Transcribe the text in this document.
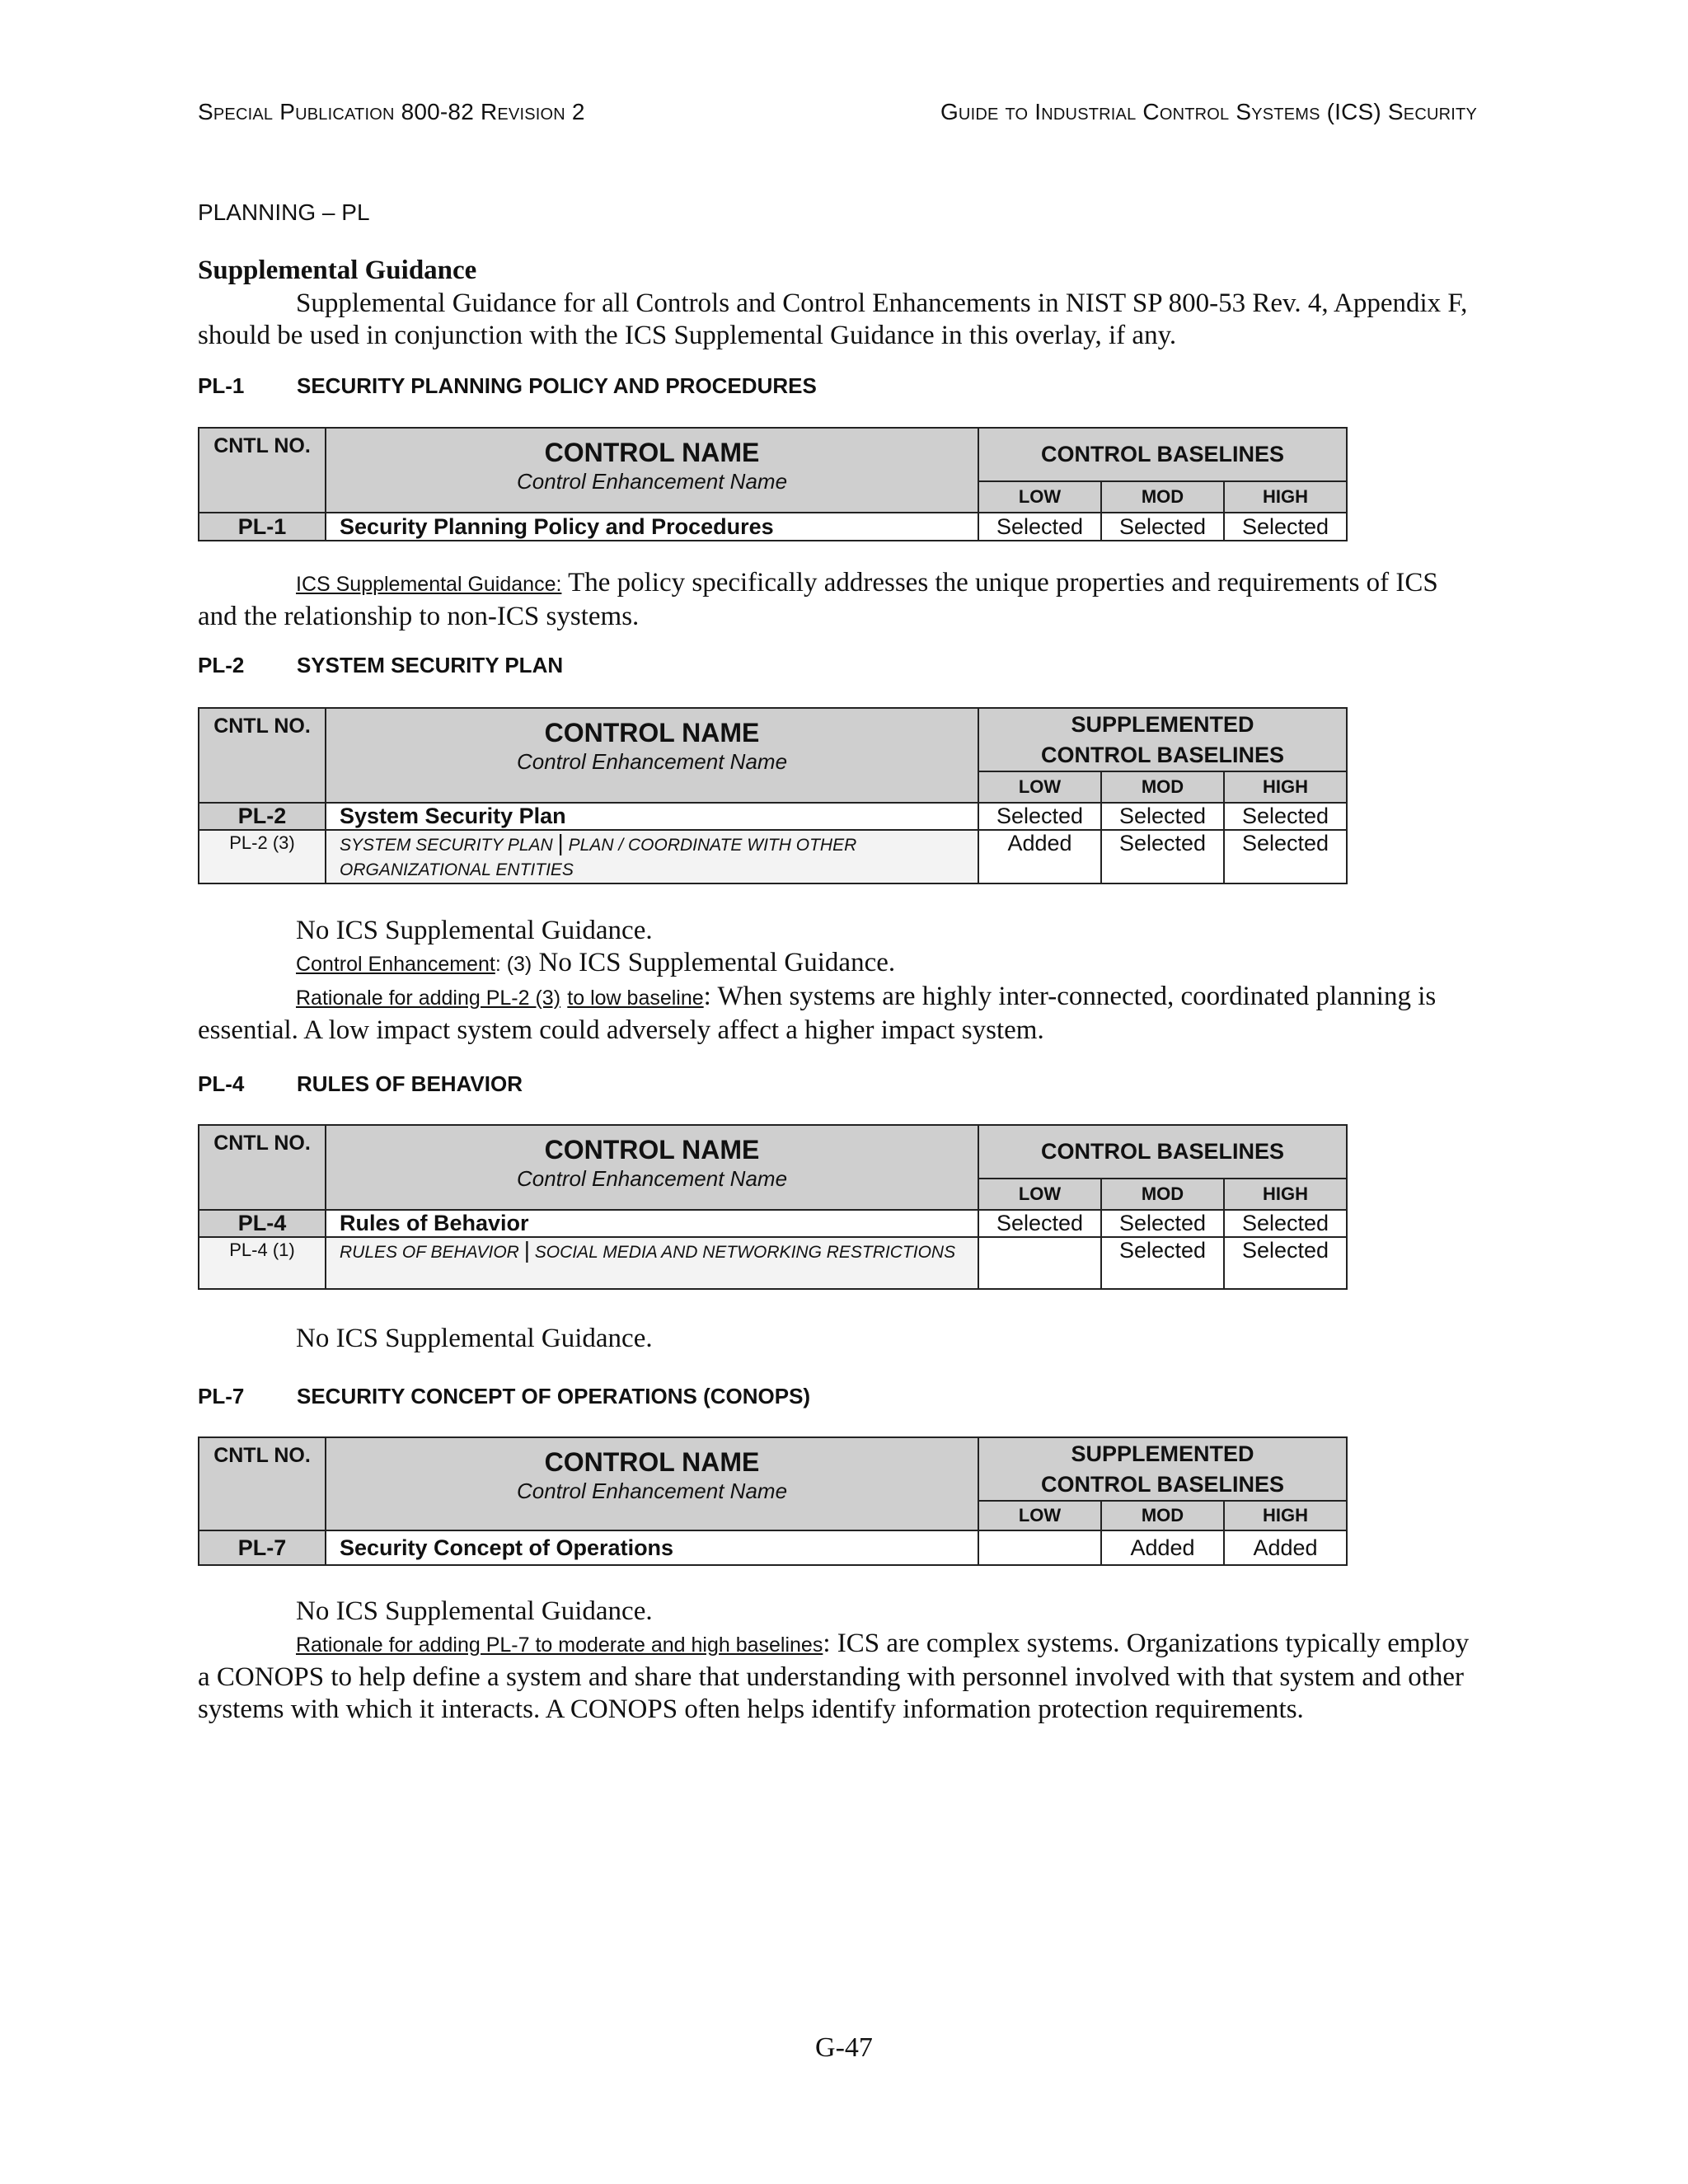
Special Publication 800-82 Revision 2	Guide to Industrial Control Systems (ICS) Security
PLANNING – PL

Supplemental Guidance

Supplemental Guidance for all Controls and Control Enhancements in NIST SP 800-53 Rev. 4, Appendix F, should be used in conjunction with the ICS Supplemental Guidance in this overlay, if any.

PL-1	SECURITY PLANNING POLICY AND PROCEDURES
CNTL NO.	CONTROL NAME
Control Enhancement Name	CONTROL BASELINES		
		LOW	MOD	HIGH
PL-1	Security Planning Policy and Procedures	Selected	Selected	Selected

ICS Supplemental Guidance: The policy specifically addresses the unique properties and requirements of ICS and the relationship to non-ICS systems.

PL-2	SYSTEM SECURITY PLAN
CNTL NO.	CONTROL NAME
Control Enhancement Name	SUPPLEMENTED
CONTROL BASELINES		

		LOW	MOD	HIGH
PL-2	System Security Plan	Selected	Selected	Selected
PL-2 (3)	SYSTEM SECURITY PLAN | PLAN / COORDINATE WITH OTHER ORGANIZATIONAL ENTITIES	Added	Selected	Selected

No ICS Supplemental Guidance.

Control Enhancement: (3) No ICS Supplemental Guidance.

Rationale for adding PL-2 (3) to low baseline: When systems are highly inter-connected, coordinated planning is essential. A low impact system could adversely affect a higher impact system.

PL-4	RULES OF BEHAVIOR
CNTL NO.	CONTROL NAME
Control Enhancement Name	CONTROL BASELINES		
		LOW	MOD	HIGH
PL-4	Rules of Behavior	Selected	Selected	Selected
PL-4 (1)	RULES OF BEHAVIOR | SOCIAL MEDIA AND NETWORKING RESTRICTIONS		Selected	Selected

No ICS Supplemental Guidance.

PL-7	SECURITY CONCEPT OF OPERATIONS (CONOPS)
CNTL NO.	CONTROL NAME
Control Enhancement Name	SUPPLEMENTED
CONTROL BASELINES		

		LOW	MOD	HIGH
PL-7	Security Concept of Operations		Added	Added

No ICS Supplemental Guidance.

Rationale for adding PL-7 to moderate and high baselines: ICS are complex systems. Organizations typically employ a CONOPS to help define a system and share that understanding with personnel involved with that system and other systems with which it interacts. A CONOPS often helps identify information protection requirements.

G-47
